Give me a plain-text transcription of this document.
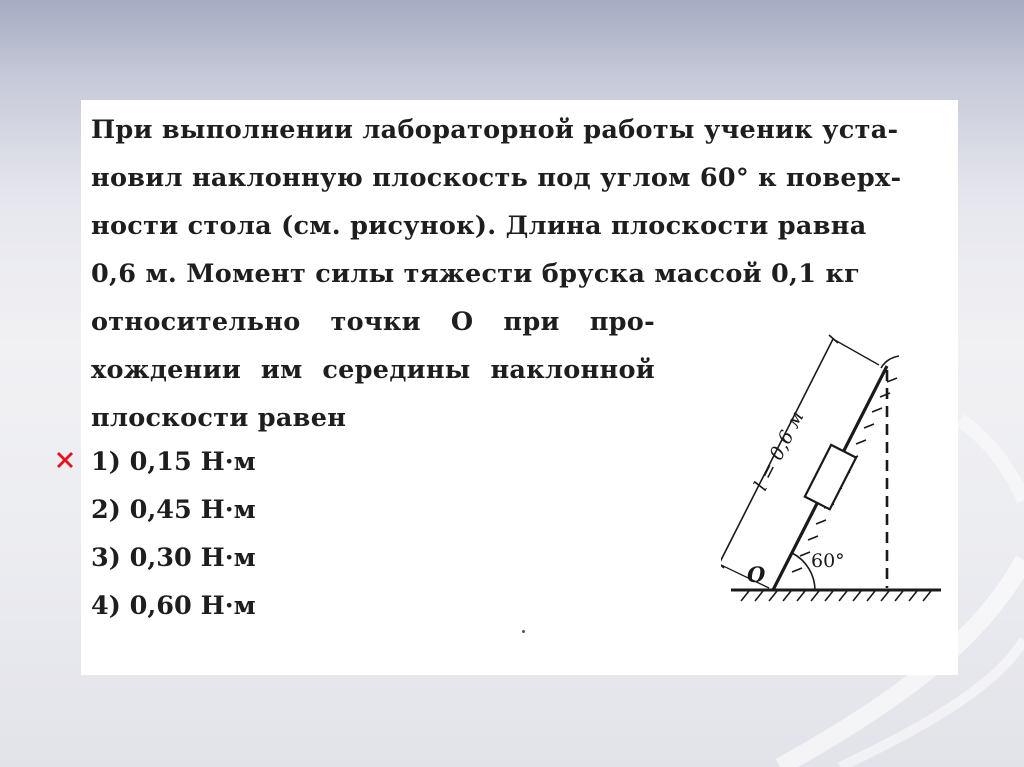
При выполнении лабораторной работы ученик уста-
новил наклонную плоскость под углом 60° к поверх-
ности стола (см. рисунок). Длина плоскости равна
0,6 м. Момент силы тяжести бруска массой 0,1 кг
относительно точки O при про-
хождении им середины наклонной
плоскости равен

1) 0,15 Н·м
2) 0,45 Н·м
3) 0,30 Н·м
4) 0,60 Н·м
l = 0,6 м
60°
O
